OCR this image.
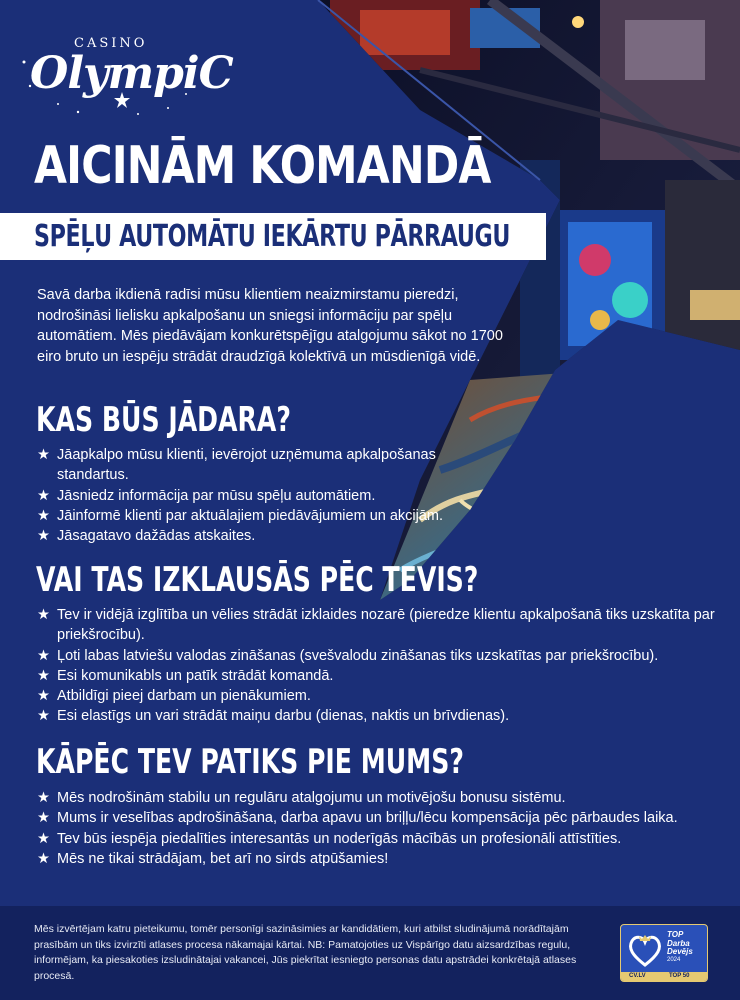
CASINO
OlympiC
AICINĀM KOMANDĀ
SPĒĻU AUTOMĀTU IEKĀRTU PĀRRAUGU

Savā darba ikdienā radīsi mūsu klientiem neaizmirstamu pieredzi, nodrošināsi lielisku apkalpošanu un sniegsi informāciju par spēļu automātiem. Mēs piedāvājam konkurētspējīgu atalgojumu sākot no 1700 eiro bruto un iespēju strādāt draudzīgā kolektīvā un mūsdienīgā vidē.

KAS BŪS JĀDARA?
★ Jāapkalpo mūsu klienti, ievērojot uzņēmuma apkalpošanas standartus.
★ Jāsniedz informācija par mūsu spēļu automātiem.
★ Jāinformē klienti par aktuālajiem piedāvājumiem un akcijām.
★ Jāsagatavo dažādas atskaites.
VAI TAS IZKLAUSĀS PĒC TEVIS?
★ Tev ir vidējā izglītība un vēlies strādāt izklaides nozarē (pieredze klientu apkalpošanā tiks uzskatīta par priekšrocību).
★ Ļoti labas latviešu valodas zināšanas (svešvalodu zināšanas tiks uzskatītas par priekšrocību).
★ Esi komunikabls un patīk strādāt komandā.
★ Atbildīgi pieej darbam un pienākumiem.
★ Esi elastīgs un vari strādāt maiņu darbu (dienas, naktis un brīvdienas).
KĀPĒC TEV PATIKS PIE MUMS?
★ Mēs nodrošinām stabilu un regulāru atalgojumu un motivējošu bonusu sistēmu.
★ Mums ir veselības apdrošināšana, darba apavu un briļļu/lēcu kompensācija pēc pārbaudes laika.
★ Tev būs iespēja piedalīties interesantās un noderīgās mācībās un profesionāli attīstīties.
★ Mēs ne tikai strādājam, bet arī no sirds atpūšamies!

Mēs izvērtējam katru pieteikumu, tomēr personīgi sazināsimies ar kandidātiem, kuri atbilst sludinājumā norādītajām prasībām un tiks izvirzīti atlases procesa nākamajai kārtai. NB: Pamatojoties uz Vispārīgo datu aizsardzības regulu, informējam, ka piesakoties izsludinātajai vakancei, Jūs piekrītat iesniegto personas datu apstrādei konkrētajā atlases procesā.

TOP
Darba
Devējs
2024
CV.LV	TOP 50
